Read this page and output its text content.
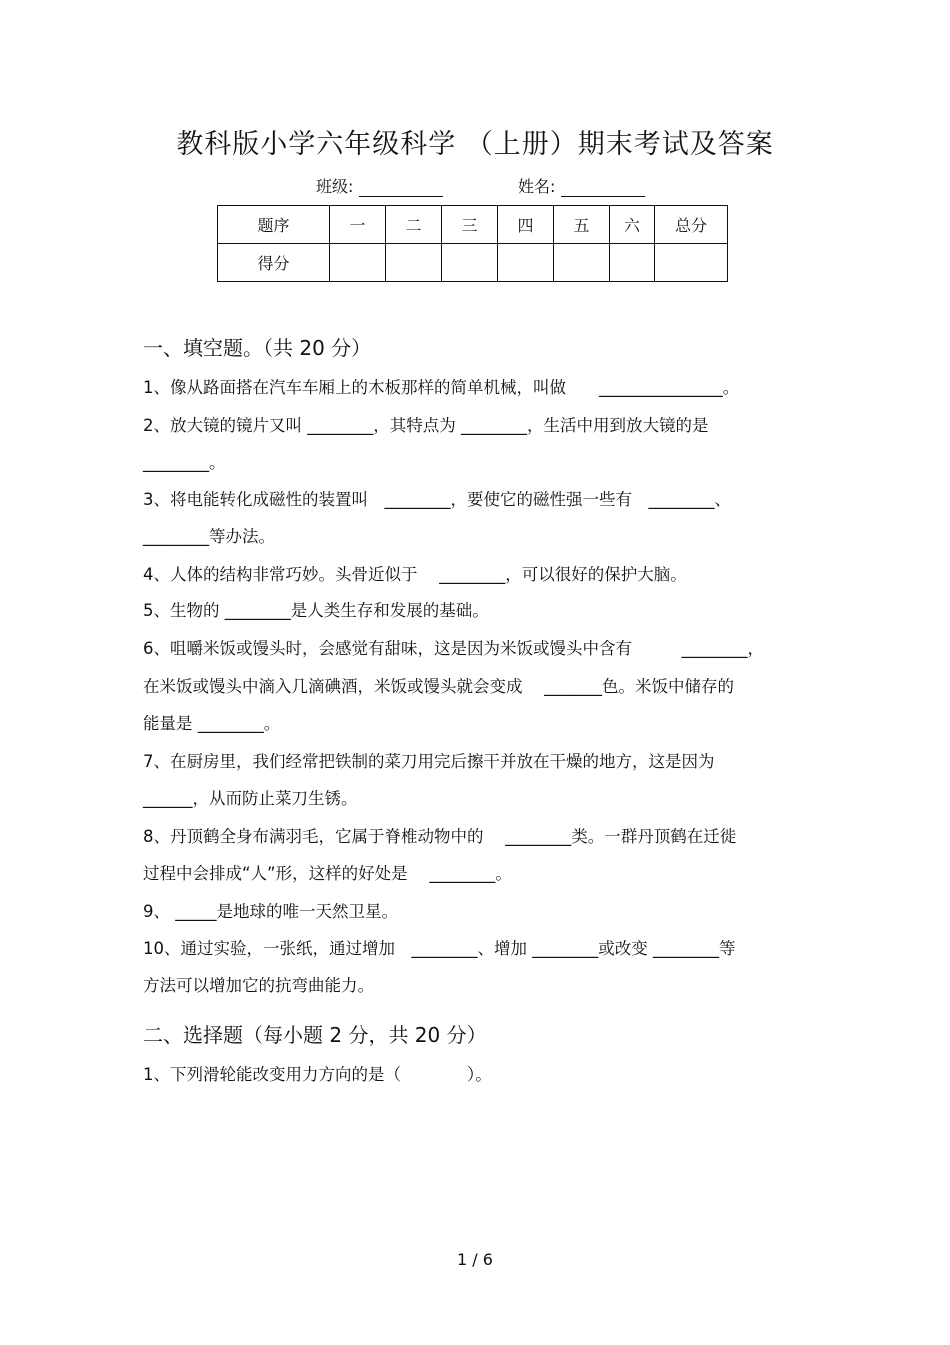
教科版小学六年级科学 （上册）期末考试及答案
班级:	姓名:
题序	一	二	三	四	五	六	总分
得分							
一、填空题。（共 20 分）
1、像从路面搭在汽车车厢上的木板那样的简单机械，叫做　　_______________。
2、放大镜的镜片又叫 ________，其特点为 ________，生活中用到放大镜的是
________。
3、将电能转化成磁性的装置叫　________，要使它的磁性强一些有　________、
________等办法。
4、人体的结构非常巧妙。头骨近似于　 ________，可以很好的保护大脑。
5、生物的 ________是人类生存和发展的基础。
6、咀嚼米饭或馒头时，会感觉有甜味，这是因为米饭或馒头中含有　　　________，
在米饭或馒头中滴入几滴碘酒，米饭或馒头就会变成　 _______色。米饭中储存的
能量是 ________。
7、在厨房里，我们经常把铁制的菜刀用完后擦干并放在干燥的地方，这是因为
______，从而防止菜刀生锈。
8、丹顶鹤全身布满羽毛，它属于脊椎动物中的　 ________类。一群丹顶鹤在迁徙
过程中会排成“人”形，这样的好处是　 ________。
9、 _____是地球的唯一天然卫星。
10、通过实验，一张纸，通过增加　________、增加 ________或改变 ________等
方法可以增加它的抗弯曲能力。
二、选择题（每小题 2 分，共 20 分）
1、下列滑轮能改变用力方向的是（　　　　）。
1 / 6
